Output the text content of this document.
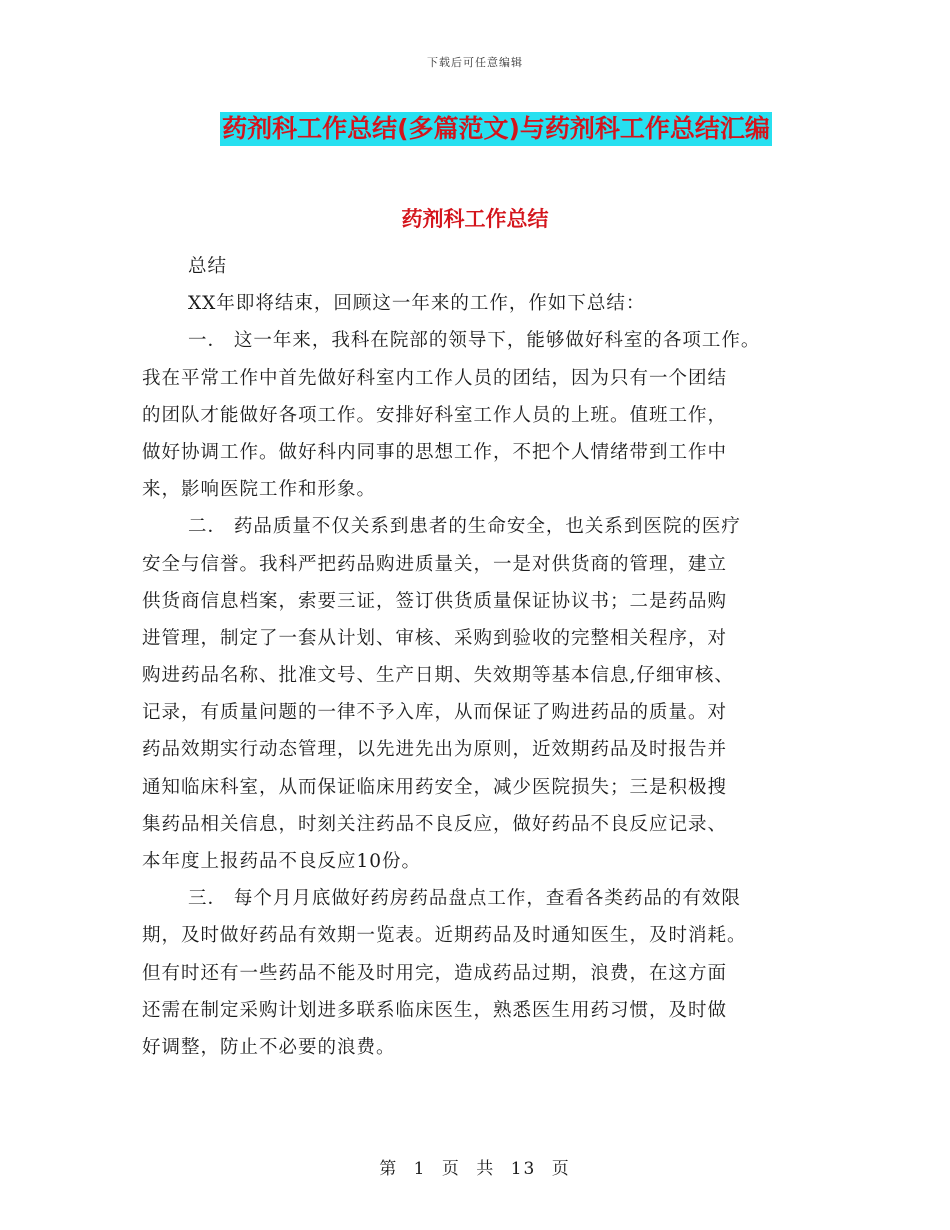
下载后可任意编辑
药剂科工作总结(多篇范文)与药剂科工作总结汇编
药剂科工作总结
总结
XX年即将结束，回顾这一年来的工作，作如下总结：
一． 这一年来，我科在院部的领导下，能够做好科室的各项工作。
我在平常工作中首先做好科室内工作人员的团结，因为只有一个团结
的团队才能做好各项工作。安排好科室工作人员的上班。值班工作，
做好协调工作。做好科内同事的思想工作，不把个人情绪带到工作中
来，影响医院工作和形象。
二． 药品质量不仅关系到患者的生命安全，也关系到医院的医疗
安全与信誉。我科严把药品购进质量关，一是对供货商的管理，建立
供货商信息档案，索要三证，签订供货质量保证协议书；二是药品购
进管理，制定了一套从计划、审核、采购到验收的完整相关程序，对
购进药品名称、批准文号、生产日期、失效期等基本信息,仔细审核、
记录，有质量问题的一律不予入库，从而保证了购进药品的质量。对
药品效期实行动态管理，以先进先出为原则，近效期药品及时报告并
通知临床科室，从而保证临床用药安全，减少医院损失；三是积极搜
集药品相关信息，时刻关注药品不良反应，做好药品不良反应记录、
本年度上报药品不良反应10份。
三． 每个月月底做好药房药品盘点工作，查看各类药品的有效限
期，及时做好药品有效期一览表。近期药品及时通知医生，及时消耗。
但有时还有一些药品不能及时用完，造成药品过期，浪费，在这方面
还需在制定采购计划进多联系临床医生，熟悉医生用药习惯，及时做
好调整，防止不必要的浪费。
第 1 页 共 13 页
